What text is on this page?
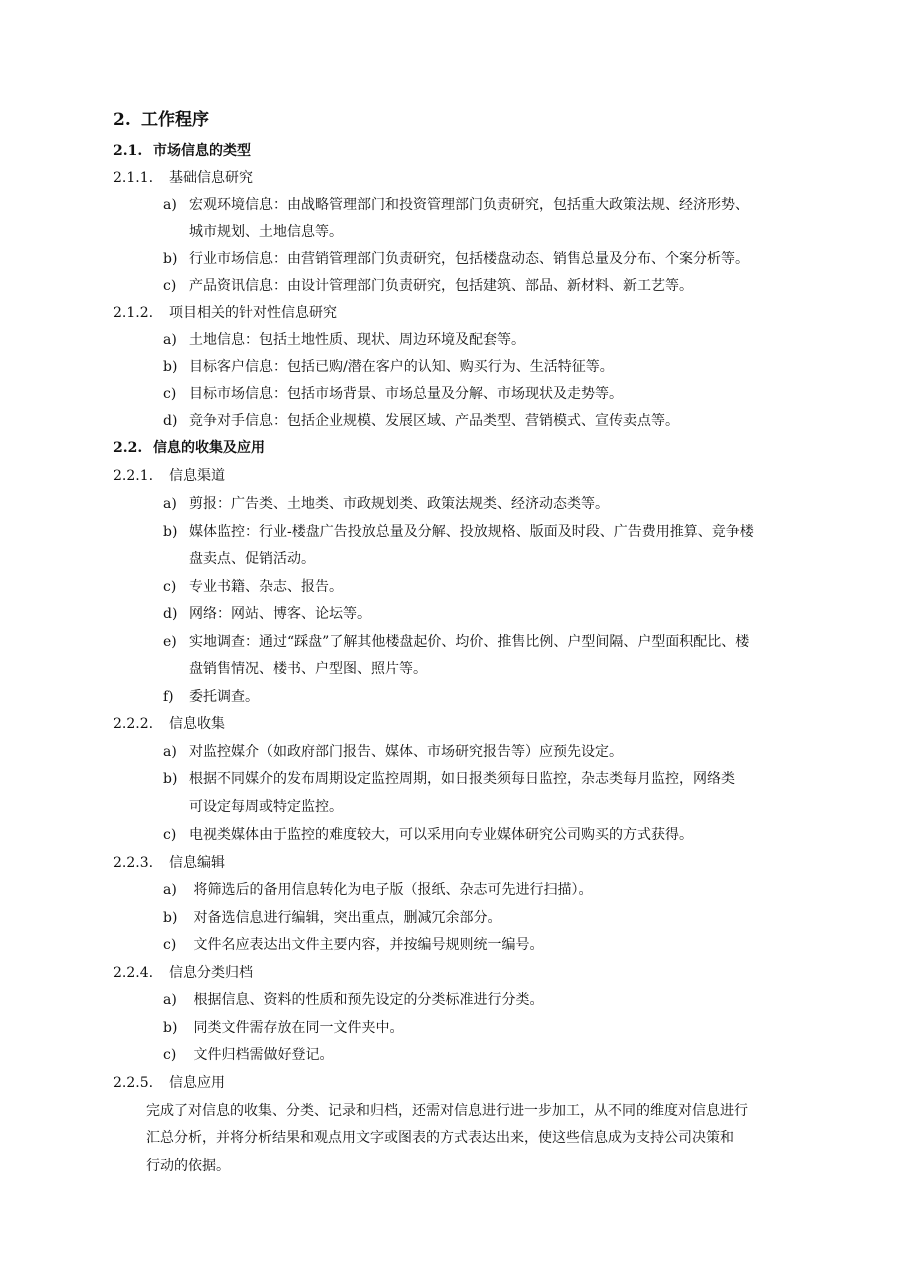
2. 工作程序
2.1. 市场信息的类型
2.1.1. 基础信息研究
a) 宏观环境信息：由战略管理部门和投资管理部门负责研究，包括重大政策法规、经济形势、
城市规划、土地信息等。
b) 行业市场信息：由营销管理部门负责研究，包括楼盘动态、销售总量及分布、个案分析等。
c) 产品资讯信息：由设计管理部门负责研究，包括建筑、部品、新材料、新工艺等。
2.1.2. 项目相关的针对性信息研究
a) 土地信息：包括土地性质、现状、周边环境及配套等。
b) 目标客户信息：包括已购/潜在客户的认知、购买行为、生活特征等。
c) 目标市场信息：包括市场背景、市场总量及分解、市场现状及走势等。
d) 竞争对手信息：包括企业规模、发展区域、产品类型、营销模式、宣传卖点等。
2.2. 信息的收集及应用
2.2.1. 信息渠道
a) 剪报：广告类、土地类、市政规划类、政策法规类、经济动态类等。
b) 媒体监控：行业-楼盘广告投放总量及分解、投放规格、版面及时段、广告费用推算、竞争楼
盘卖点、促销活动。
c) 专业书籍、杂志、报告。
d) 网络：网站、博客、论坛等。
e) 实地调查：通过“踩盘”了解其他楼盘起价、均价、推售比例、户型间隔、户型面积配比、楼
盘销售情况、楼书、户型图、照片等。
f) 委托调查。
2.2.2. 信息收集
a) 对监控媒介（如政府部门报告、媒体、市场研究报告等）应预先设定。
b) 根据不同媒介的发布周期设定监控周期，如日报类须每日监控，杂志类每月监控，网络类
可设定每周或特定监控。
c) 电视类媒体由于监控的难度较大，可以采用向专业媒体研究公司购买的方式获得。
2.2.3. 信息编辑
a) 将筛选后的备用信息转化为电子版（报纸、杂志可先进行扫描）。
b) 对备选信息进行编辑，突出重点，删减冗余部分。
c) 文件名应表达出文件主要内容，并按编号规则统一编号。
2.2.4. 信息分类归档
a) 根据信息、资料的性质和预先设定的分类标准进行分类。
b) 同类文件需存放在同一文件夹中。
c) 文件归档需做好登记。
2.2.5. 信息应用
完成了对信息的收集、分类、记录和归档，还需对信息进行进一步加工，从不同的维度对信息进行
汇总分析，并将分析结果和观点用文字或图表的方式表达出来，使这些信息成为支持公司决策和
行动的依据。
